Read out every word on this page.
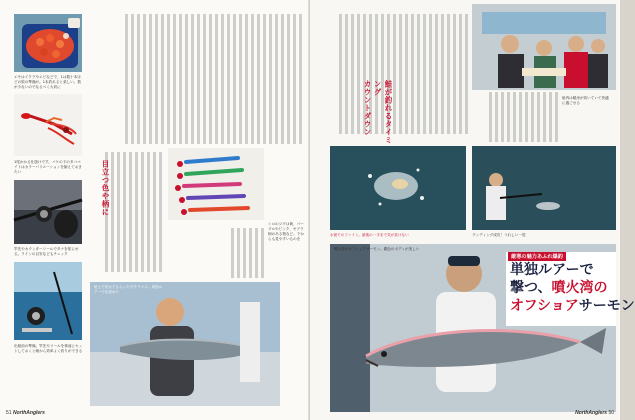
エサはイクラやエビなどで、1は数十本ほどの旅の準備が。1本釣れると楽しい。数が少ないのでなるべく大切に
1尾かかる仕掛けです。バケの下のタコベイトはカラーバリエーションを揃えておきたい
竿先やカウンターリールでタナを知らせる。ラインの目安などもチェック
出航前の準備。竿先やリールを事前にセットしておくと朝から効率よく釣りができる
シロのジグは黄、パープルやピンク、ゼブラ柄のある物など。下からも見やすいものを
目立つ色や柄に
船上で見せてもらったサクラマス。単独ルアーで仕留めた
51 NorthAnglers
鮭が釣れるタイミング
カウントダウン	船内は暖房が効いていて快適に過ごせる
水面でのファイト。最後の一手まで気が抜けない	ランディング成功！うれしい一尾
噴火湾のオフショアサーモン。銀色のボディが美しい
厳寒の魅力あふれ爆釣
単独ルアーで
撃つ、噴火湾の
オフショアサーモン
NorthAnglers 50
